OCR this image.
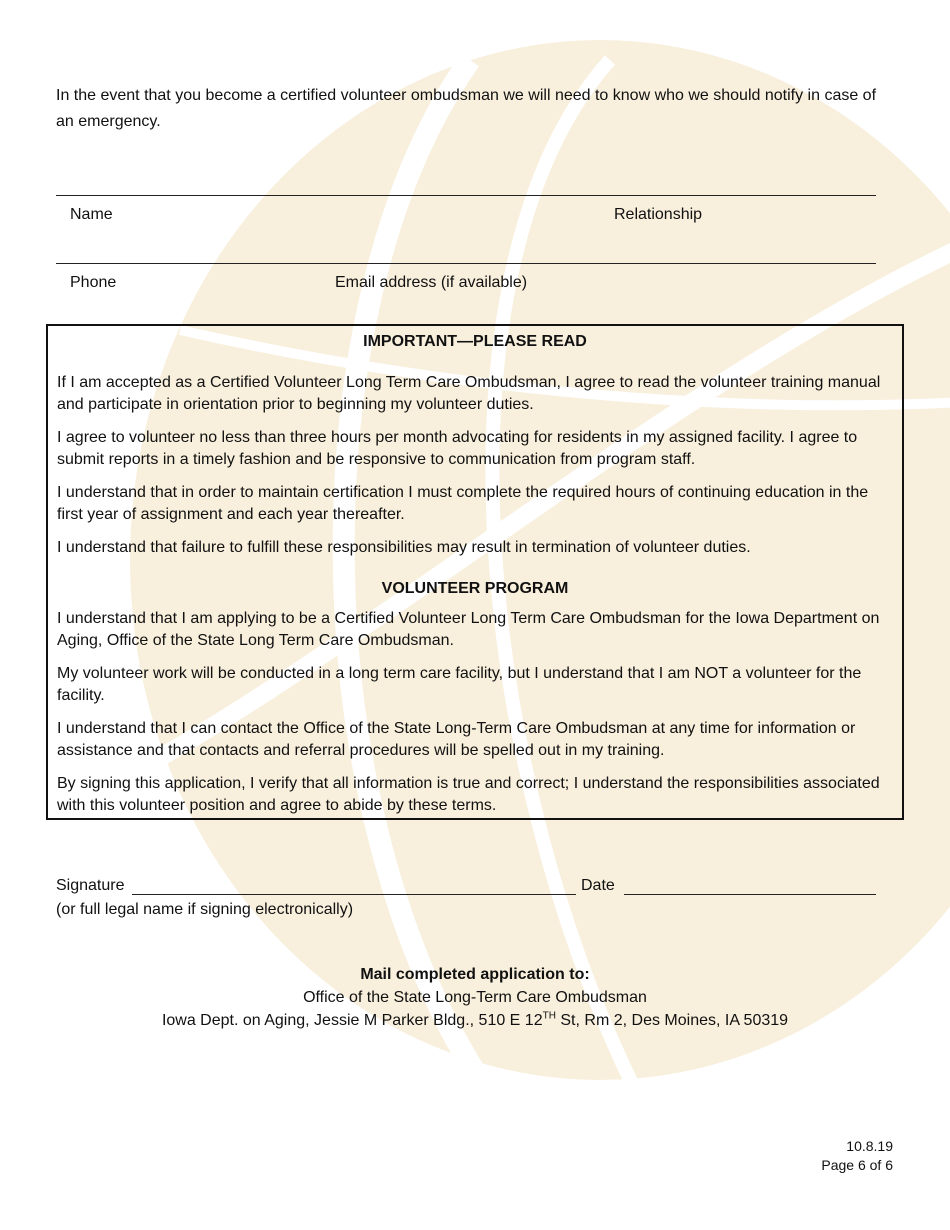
In the event that you become a certified volunteer ombudsman we will need to know who we should notify in case of an emergency.

Name	Relationship
Phone	Email address (if available)
IMPORTANT—PLEASE READ
If I am accepted as a Certified Volunteer Long Term Care Ombudsman, I agree to read the volunteer training manual and participate in orientation prior to beginning my volunteer duties.
I agree to volunteer no less than three hours per month advocating for residents in my assigned facility. I agree to submit reports in a timely fashion and be responsive to communication from program staff.
I understand that in order to maintain certification I must complete the required hours of continuing education in the first year of assignment and each year thereafter.
I understand that failure to fulfill these responsibilities may result in termination of volunteer duties.
VOLUNTEER PROGRAM
I understand that I am applying to be a Certified Volunteer Long Term Care Ombudsman for the Iowa Department on Aging, Office of the State Long Term Care Ombudsman.
My volunteer work will be conducted in a long term care facility, but I understand that I am NOT a volunteer for the facility.
I understand that I can contact the Office of the State Long-Term Care Ombudsman at any time for information or assistance and that contacts and referral procedures will be spelled out in my training.
By signing this application, I verify that all information is true and correct; I understand the responsibilities associated with this volunteer position and agree to abide by these terms.
Signature	Date
(or full legal name if signing electronically)
Mail completed application to:
Office of the State Long-Term Care Ombudsman
Iowa Dept. on Aging, Jessie M Parker Bldg., 510 E 12TH St, Rm 2, Des Moines, IA 50319
10.8.19
Page 6 of 6
